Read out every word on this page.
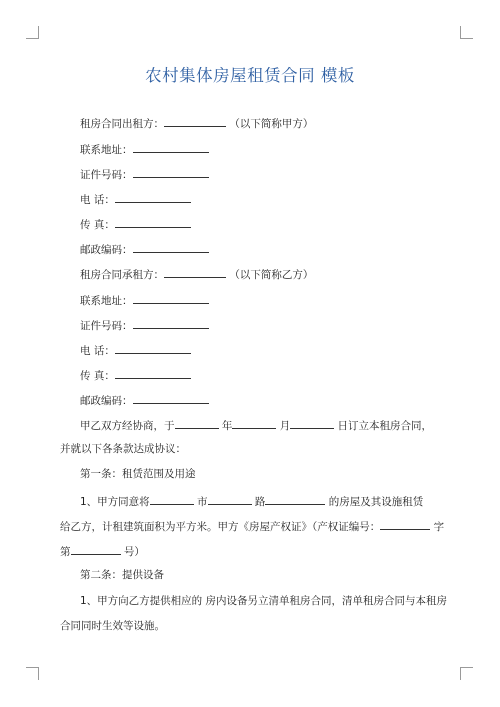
农村集体房屋租赁合同 模板
租房合同出租方：	（以下简称甲方）
联系地址：
证件号码：
电 话：
传 真：
邮政编码：
租房合同承租方：	（以下简称乙方）
联系地址：
证件号码：
电 话：
传 真：
邮政编码：
甲乙双方经协商，于	年	月	日订立本租房合同，
并就以下各条款达成协议：
第一条：租赁范围及用途
1、甲方同意将	市	路	的房屋及其设施租赁
给乙方，计租建筑面积为平方米。甲方《房屋产权证》（产权证编号：	字
第	号）
第二条：提供设备
1、甲方向乙方提供相应的 房内设备另立清单租房合同，清单租房合同与本租房
合同同时生效等设施。
